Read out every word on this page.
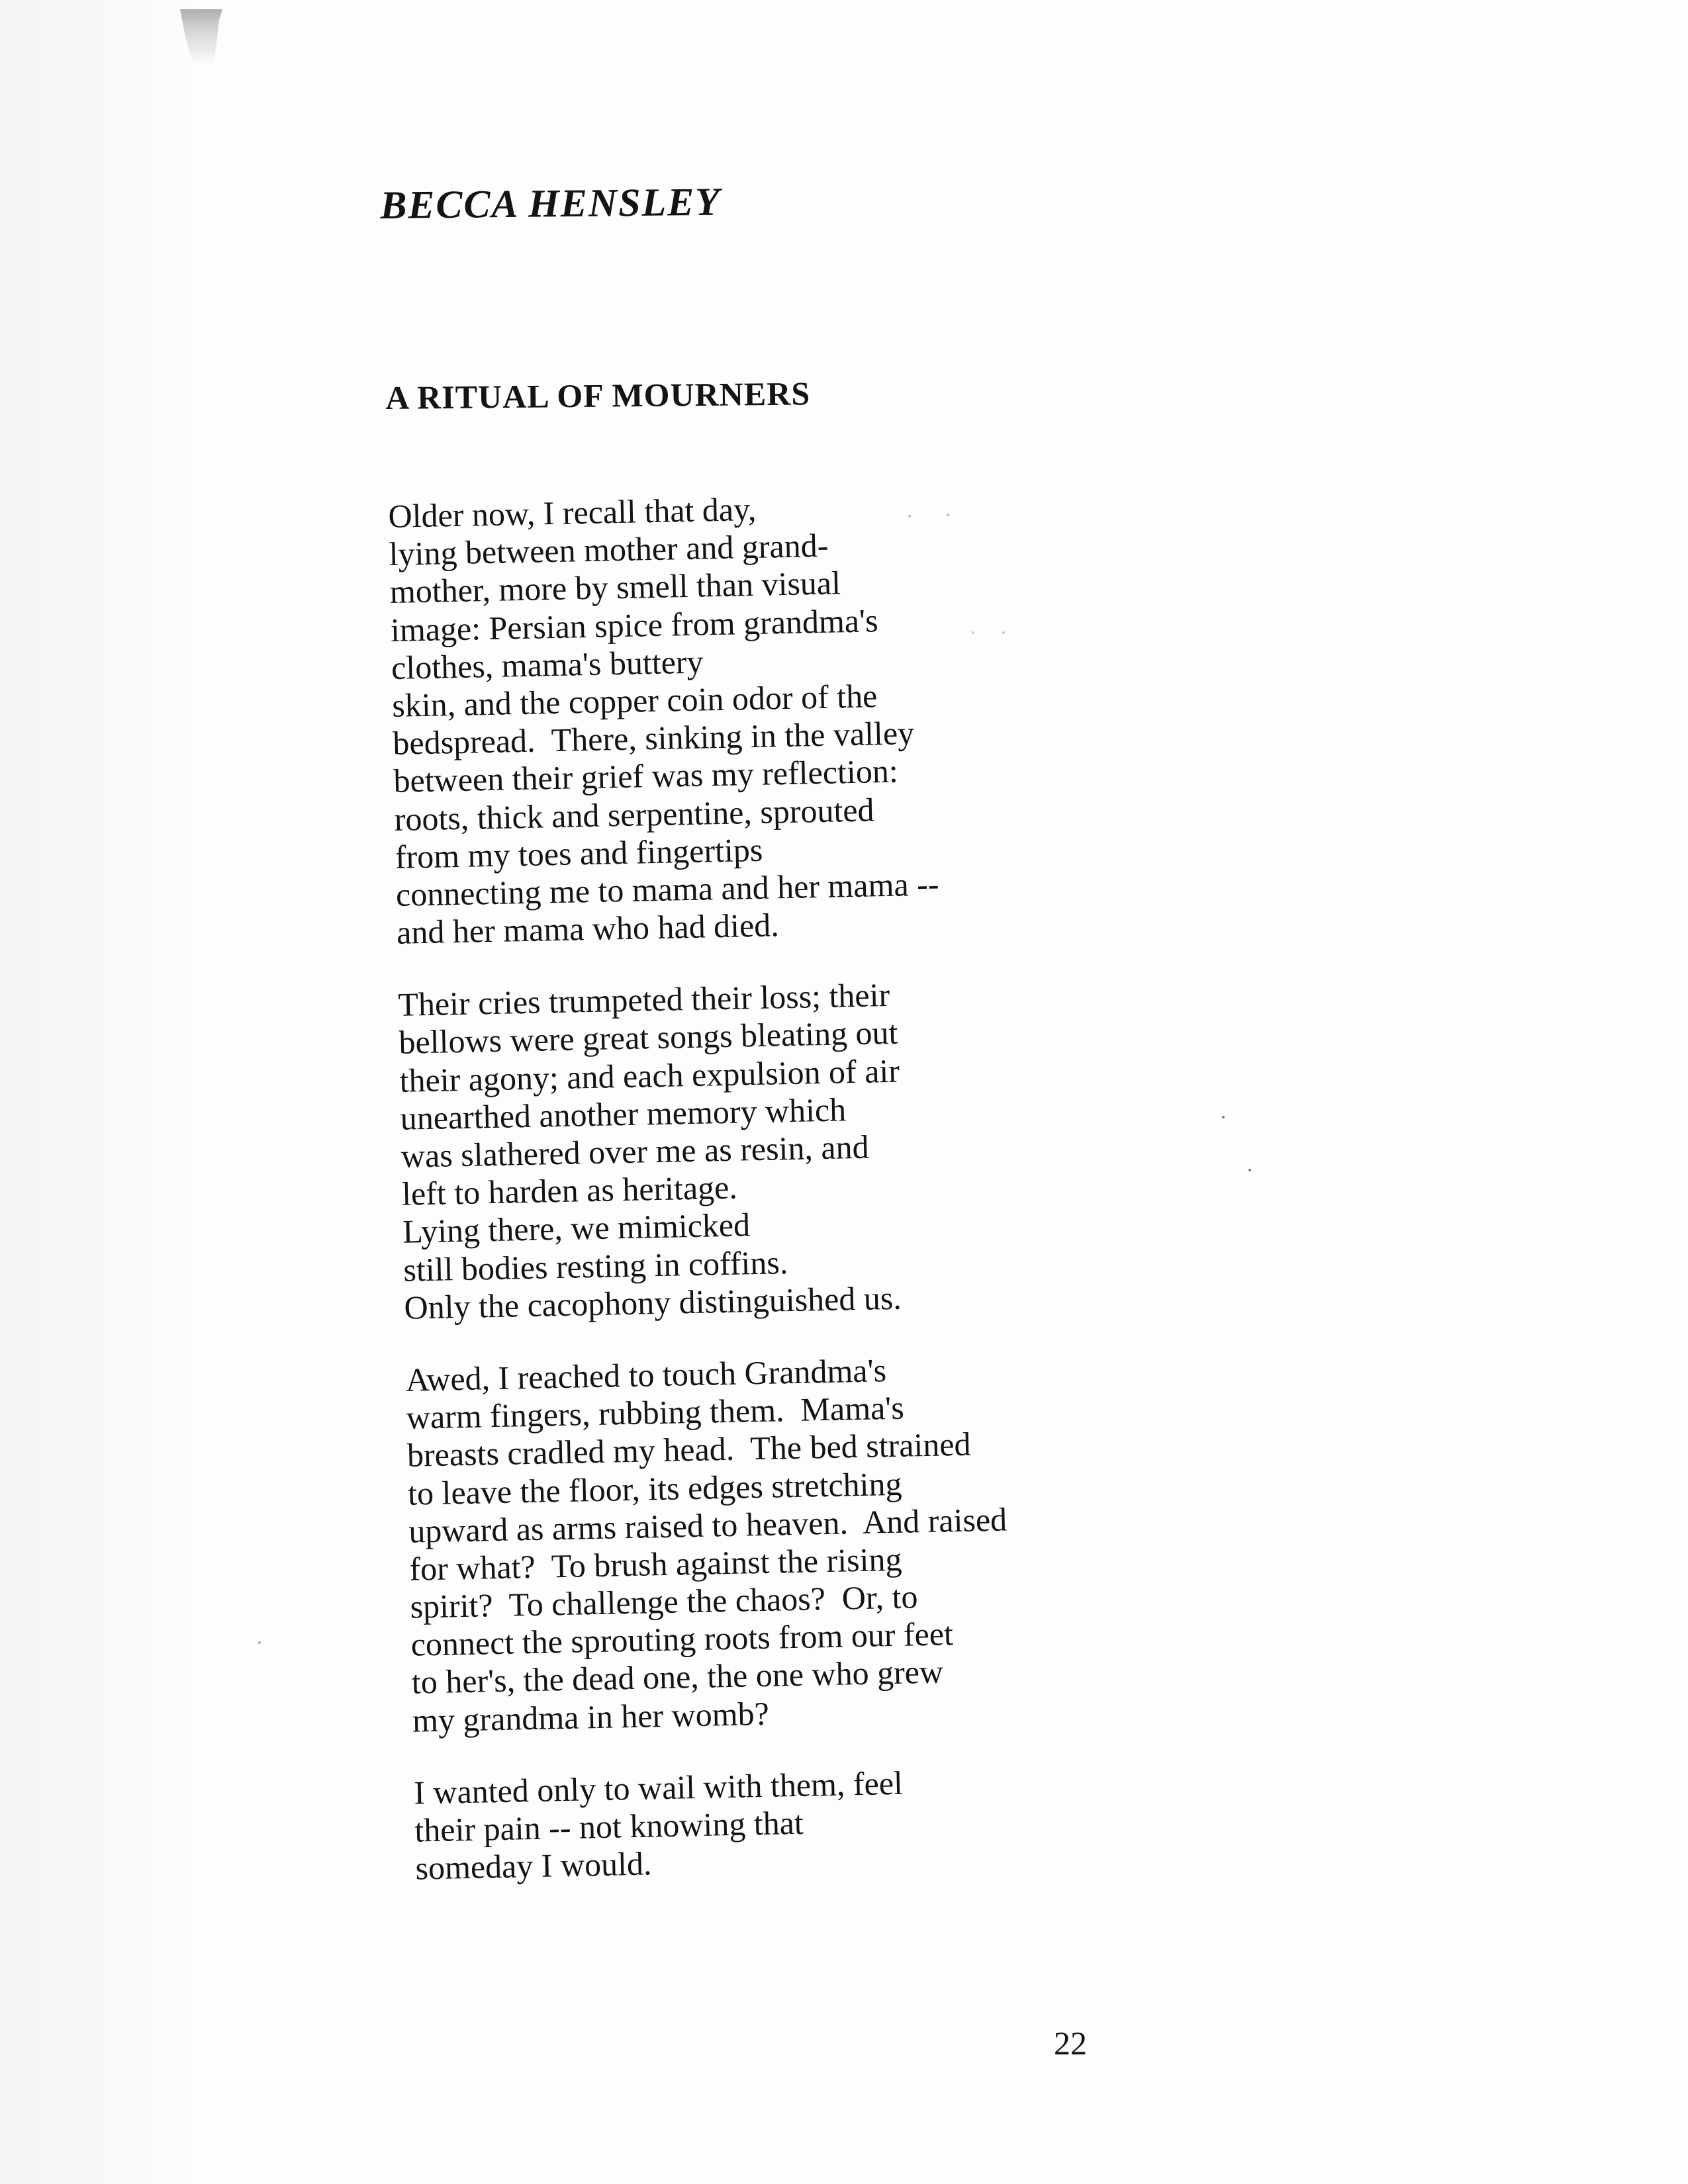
BECCA HENSLEY
A RITUAL OF MOURNERS
Older now, I recall that day,
lying between mother and grand-
mother, more by smell than visual
image: Persian spice from grandma's
clothes, mama's buttery
skin, and the copper coin odor of the
bedspread.  There, sinking in the valley
between their grief was my reflection:
roots, thick and serpentine, sprouted
from my toes and fingertips
connecting me to mama and her mama --
and her mama who had died.
Their cries trumpeted their loss; their
bellows were great songs bleating out
their agony; and each expulsion of air
unearthed another memory which
was slathered over me as resin, and
left to harden as heritage.
Lying there, we mimicked
still bodies resting in coffins.
Only the cacophony distinguished us.
Awed, I reached to touch Grandma's
warm fingers, rubbing them.  Mama's
breasts cradled my head.  The bed strained
to leave the floor, its edges stretching
upward as arms raised to heaven.  And raised
for what?  To brush against the rising
spirit?  To challenge the chaos?  Or, to
connect the sprouting roots from our feet
to her's, the dead one, the one who grew
my grandma in her womb?
I wanted only to wail with them, feel
their pain -- not knowing that
someday I would.
22
